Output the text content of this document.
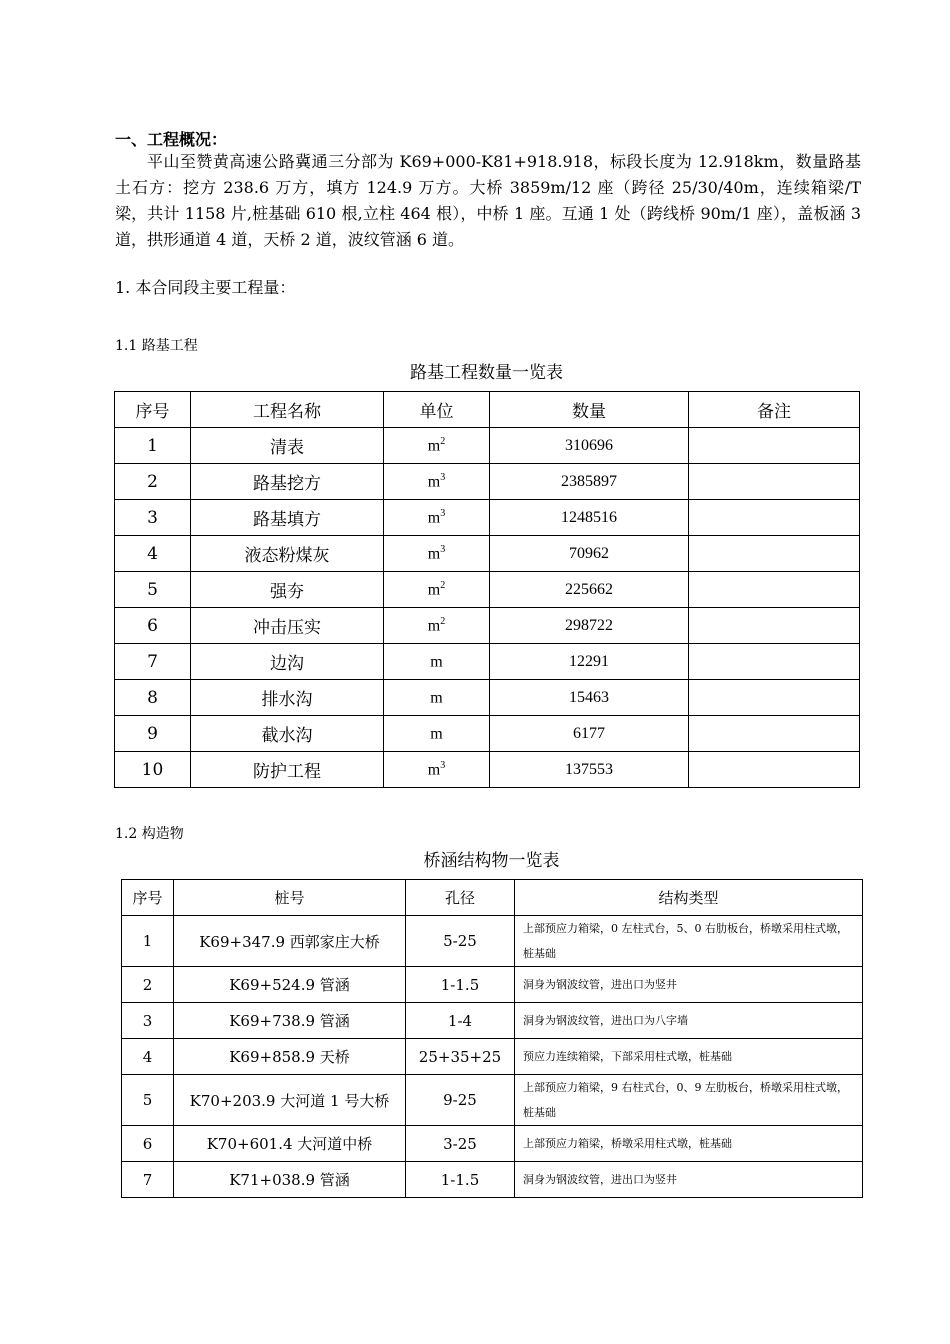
一、工程概况：
平山至赞黄高速公路冀通三分部为 K69+000-K81+918.918，标段长度为 12.918km，数量路基土石方：挖方 238.6 万方，填方 124.9 万方。大桥 3859m/12 座（跨径 25/30/40m，连续箱梁/T 梁，共计 1158 片,桩基础 610 根,立柱 464 根），中桥 1 座。互通 1 处（跨线桥 90m/1 座），盖板涵 3 道，拱形通道 4 道，天桥 2 道，波纹管涵 6 道。
1. 本合同段主要工程量：
1.1 路基工程
路基工程数量一览表
序号	工程名称	单位	数量	备注
1	清表	$m^2$	310696	
2	路基挖方	$m^3$	2385897	
3	路基填方	$m^3$	1248516	
4	液态粉煤灰	$m^3$	70962	
5	强夯	$m^2$	225662	
6	冲击压实	$m^2$	298722	
7	边沟	m	12291	
8	排水沟	m	15463	
9	截水沟	m	6177	
10	防护工程	$m^3$	137553	
1.2 构造物
桥涵结构物一览表
序号	桩号	孔径	结构类型
1	K69+347.9 西郭家庄大桥	5-25	上部预应力箱梁，0 左柱式台，5、0 右肋板台，桥墩采用柱式墩，桩基础
2	K69+524.9 管涵	1-1.5	洞身为钢波纹管，进出口为竖井
3	K69+738.9 管涵	1-4	洞身为钢波纹管，进出口为八字墙
4	K69+858.9 天桥	25+35+25	预应力连续箱梁，下部采用柱式墩，桩基础
5	K70+203.9 大河道 1 号大桥	9-25	上部预应力箱梁，9 右柱式台，0、9 左肋板台，桥墩采用柱式墩，桩基础
6	K70+601.4 大河道中桥	3-25	上部预应力箱梁，桥墩采用柱式墩，桩基础
7	K71+038.9 管涵	1-1.5	洞身为钢波纹管，进出口为竖井
